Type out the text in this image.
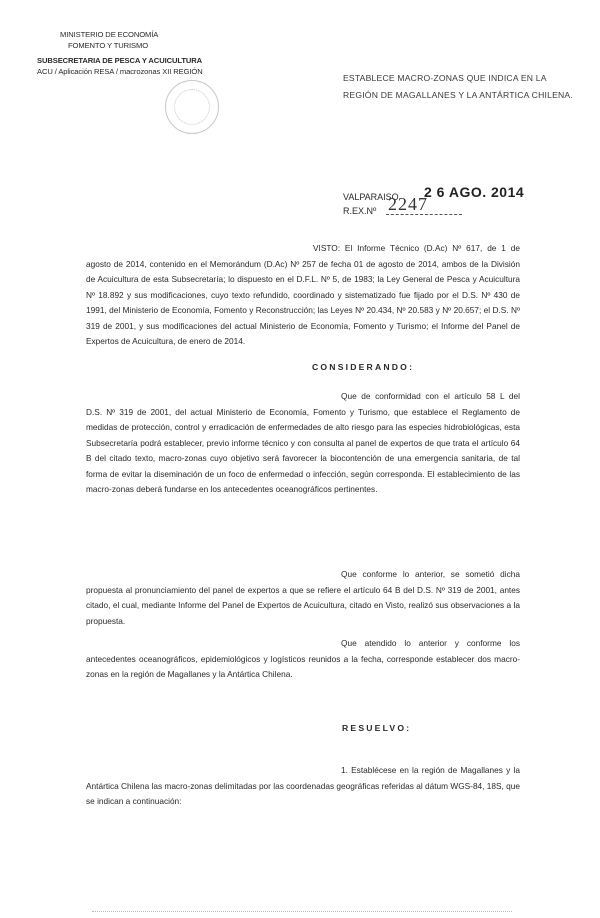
MINISTERIO DE ECONOMÍA
FOMENTO Y TURISMO
SUBSECRETARIA DE PESCA Y ACUICULTURA
ACU / Aplicación RESA / macrozonas XII REGIÓN
ESTABLECE MACRO-ZONAS QUE INDICA EN LA REGIÓN DE MAGALLANES Y LA ANTÁRTICA CHILENA.
VALPARAISO 2 6 AGO. 2014
R.EX.Nº 2247
VISTO: El Informe Técnico (D.Ac) Nº 617, de 1 de agosto de 2014, contenido en el Memorándum (D.Ac) Nº 257 de fecha 01 de agosto de 2014, ambos de la División de Acuicultura de esta Subsecretaría; lo dispuesto en el D.F.L. Nº 5, de 1983; la Ley General de Pesca y Acuicultura Nº 18.892 y sus modificaciones, cuyo texto refundido, coordinado y sistematizado fue fijado por el D.S. Nº 430 de 1991, del Ministerio de Economía, Fomento y Reconstrucción; las Leyes Nº 20.434, Nº 20.583 y Nº 20.657; el D.S. Nº 319 de 2001, y sus modificaciones del actual Ministerio de Economía, Fomento y Turismo; el Informe del Panel de Expertos de Acuicultura, de enero de 2014.
CONSIDERANDO:
Que de conformidad con el artículo 58 L del D.S. Nº 319 de 2001, del actual Ministerio de Economía, Fomento y Turismo, que establece el Reglamento de medidas de protección, control y erradicación de enfermedades de alto riesgo para las especies hidrobiológicas, esta Subsecretaría podrá establecer, previo informe técnico y con consulta al panel de expertos de que trata el artículo 64 B del citado texto, macro-zonas cuyo objetivo será favorecer la biocontención de una emergencia sanitaria, de tal forma de evitar la diseminación de un foco de enfermedad o infección, según corresponda. El establecimiento de las macro-zonas deberá fundarse en los antecedentes oceanográficos pertinentes.
Que conforme lo anterior, se sometió dicha propuesta al pronunciamiento del panel de expertos a que se refiere el artículo 64 B del D.S. Nº 319 de 2001, antes citado, el cual, mediante Informe del Panel de Expertos de Acuicultura, citado en Visto, realizó sus observaciones a la propuesta.
Que atendido lo anterior y conforme los antecedentes oceanográficos, epidemiológicos y logísticos reunidos a la fecha, corresponde establecer dos macro-zonas en la región de Magallanes y la Antártica Chilena.
RESUELVO:
1. Establécesе en la región de Magallanes y la Antártica Chilena las macro-zonas delimitadas por las coordenadas geográficas referidas al dátum WGS-84, 18S, que se indican a continuación:
